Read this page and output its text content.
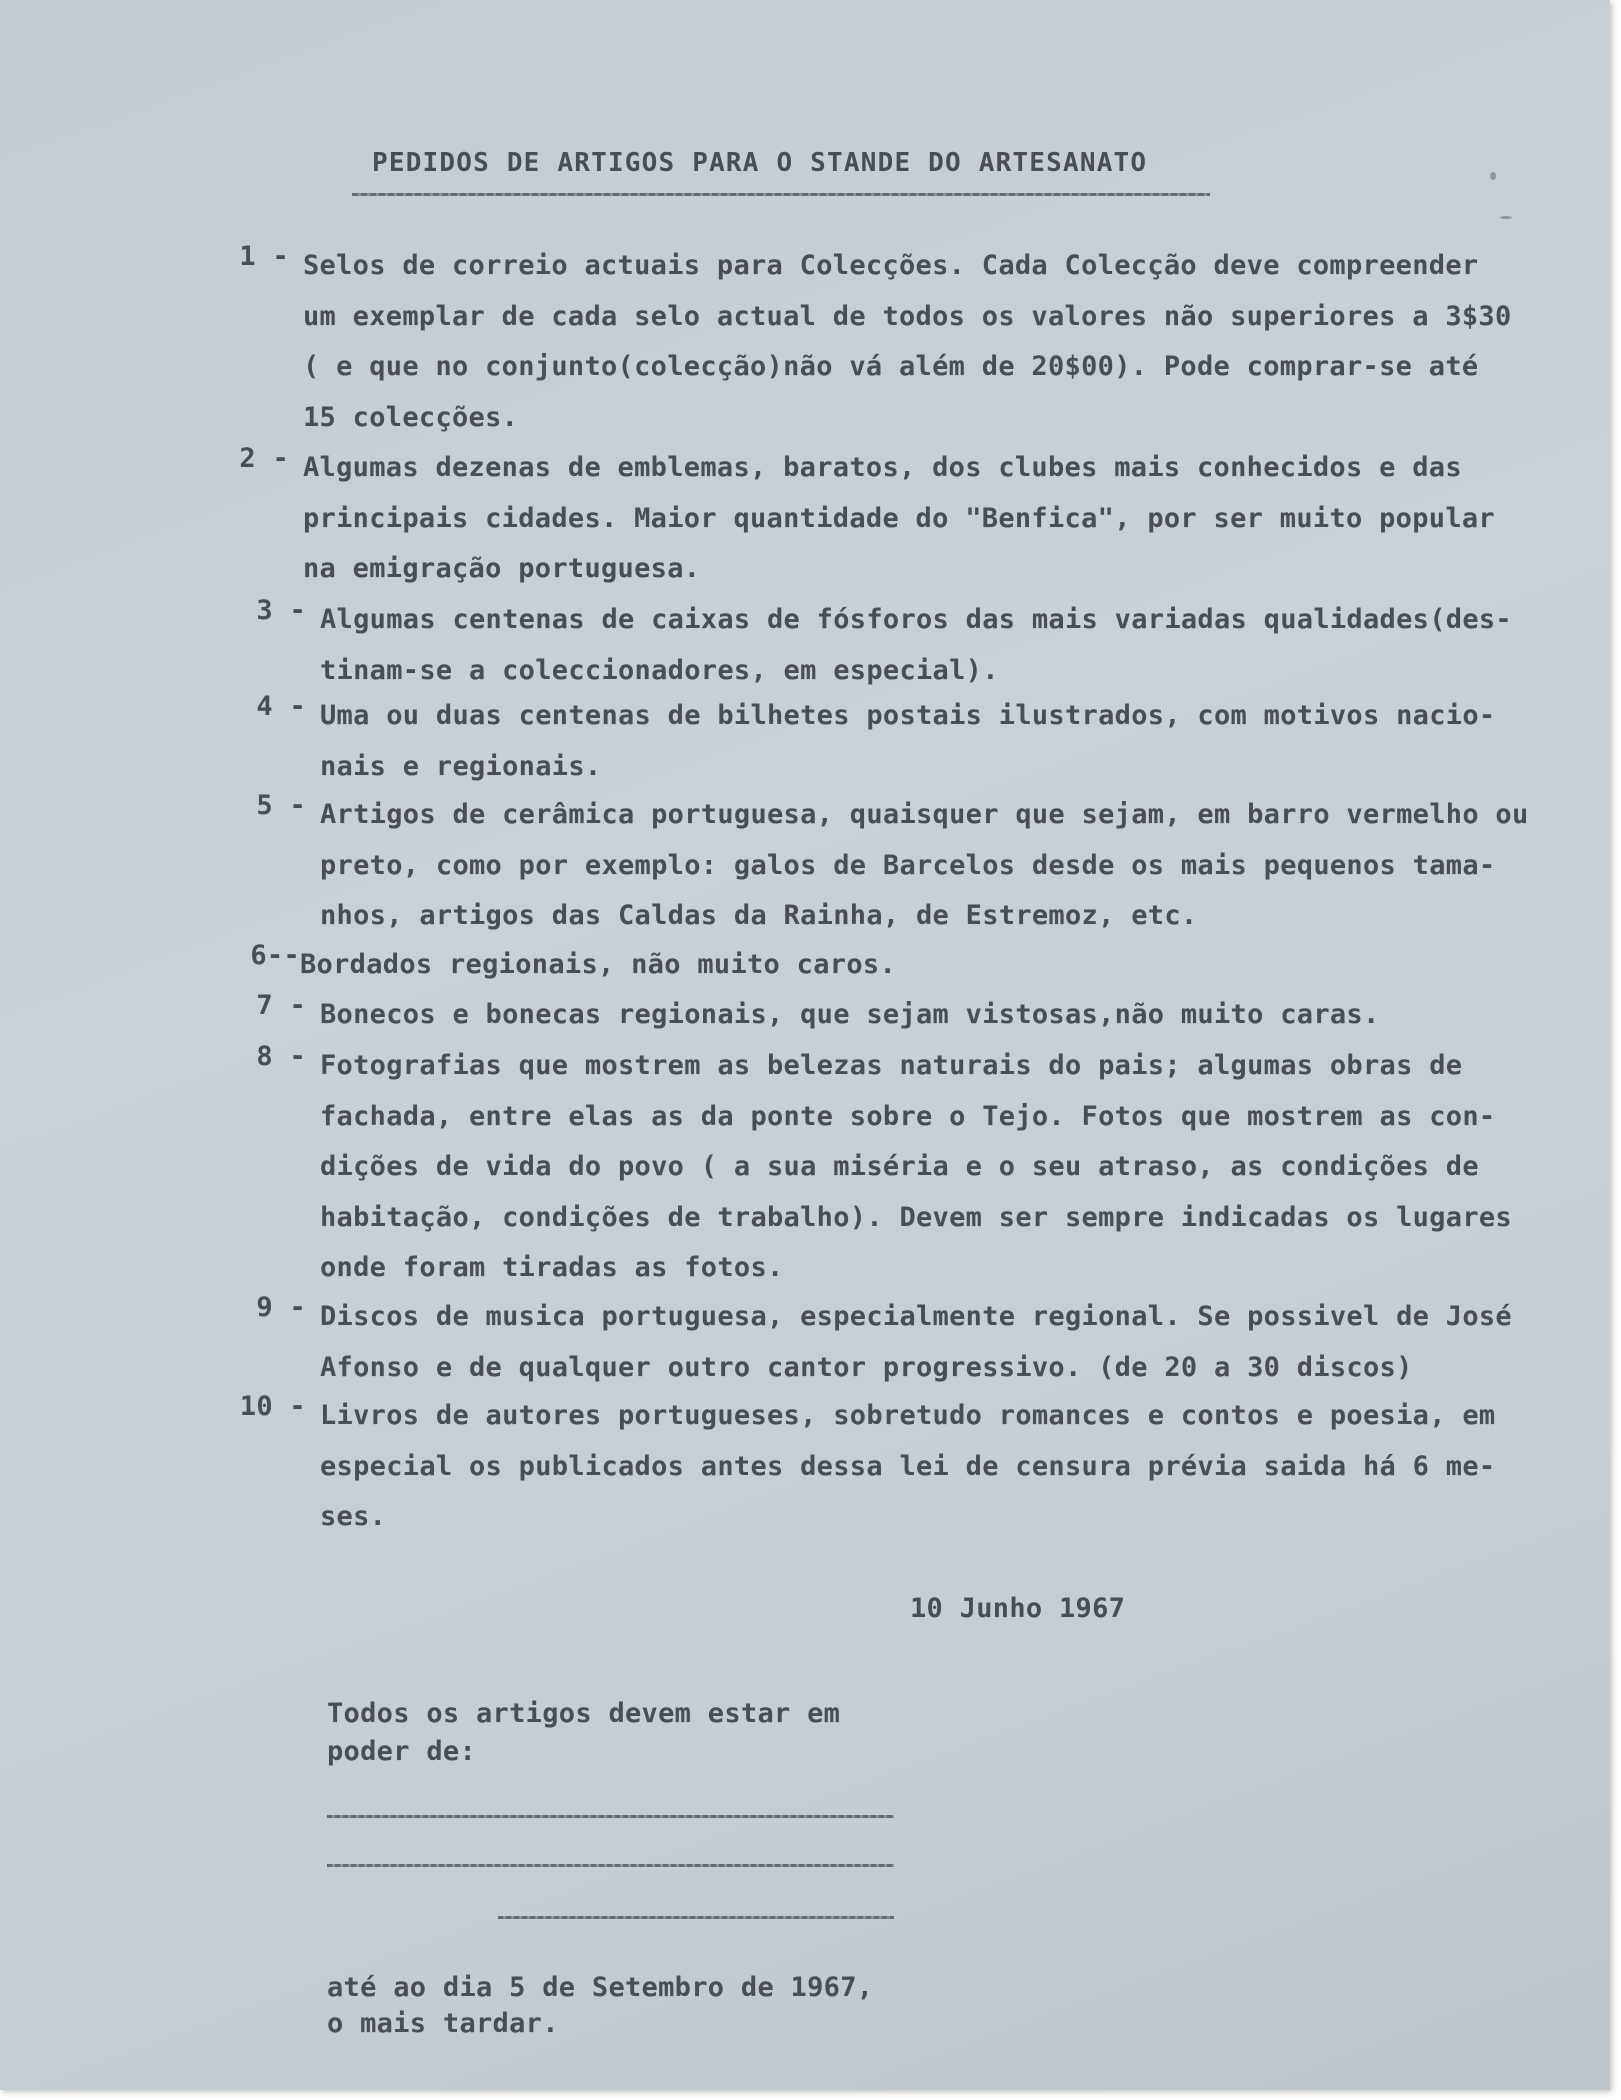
PEDIDOS DE ARTIGOS PARA O STANDE DO ARTESANATO
1 - Selos de correio actuais para Colecções. Cada Colecção deve compreender
um exemplar de cada selo actual de todos os valores não superiores a 3$30
( e que no conjunto(colecção)não vá além de 20$00). Pode comprar-se até
15 colecções.
2 - Algumas dezenas de emblemas, baratos, dos clubes mais conhecidos e das
principais cidades. Maior quantidade do "Benfica", por ser muito popular
na emigração portuguesa.
3 - Algumas centenas de caixas de fósforos das mais variadas qualidades(des-
tinam-se a coleccionadores, em especial).
4 - Uma ou duas centenas de bilhetes postais ilustrados, com motivos nacio-
nais e regionais.
5 - Artigos de cerâmica portuguesa, quaisquer que sejam, em barro vermelho ou
preto, como por exemplo: galos de Barcelos desde os mais pequenos tama-
nhos, artigos das Caldas da Rainha, de Estremoz, etc.
6-- Bordados regionais, não muito caros.
7 - Bonecos e bonecas regionais, que sejam vistosas,não muito caras.
8 - Fotografias que mostrem as belezas naturais do pais; algumas obras de
fachada, entre elas as da ponte sobre o Tejo. Fotos que mostrem as con-
dições de vida do povo ( a sua miséria e o seu atraso, as condições de
habitação, condições de trabalho). Devem ser sempre indicadas os lugares
onde foram tiradas as fotos.
9 - Discos de musica portuguesa, especialmente regional. Se possivel de José
Afonso e de qualquer outro cantor progressivo. (de 20 a 30 discos)
10 - Livros de autores portugueses, sobretudo romances e contos e poesia, em
especial os publicados antes dessa lei de censura prévia saida há 6 me-
ses.
10 Junho 1967
Todos os artigos devem estar em
poder de:
até ao dia 5 de Setembro de 1967,
o mais tardar.
